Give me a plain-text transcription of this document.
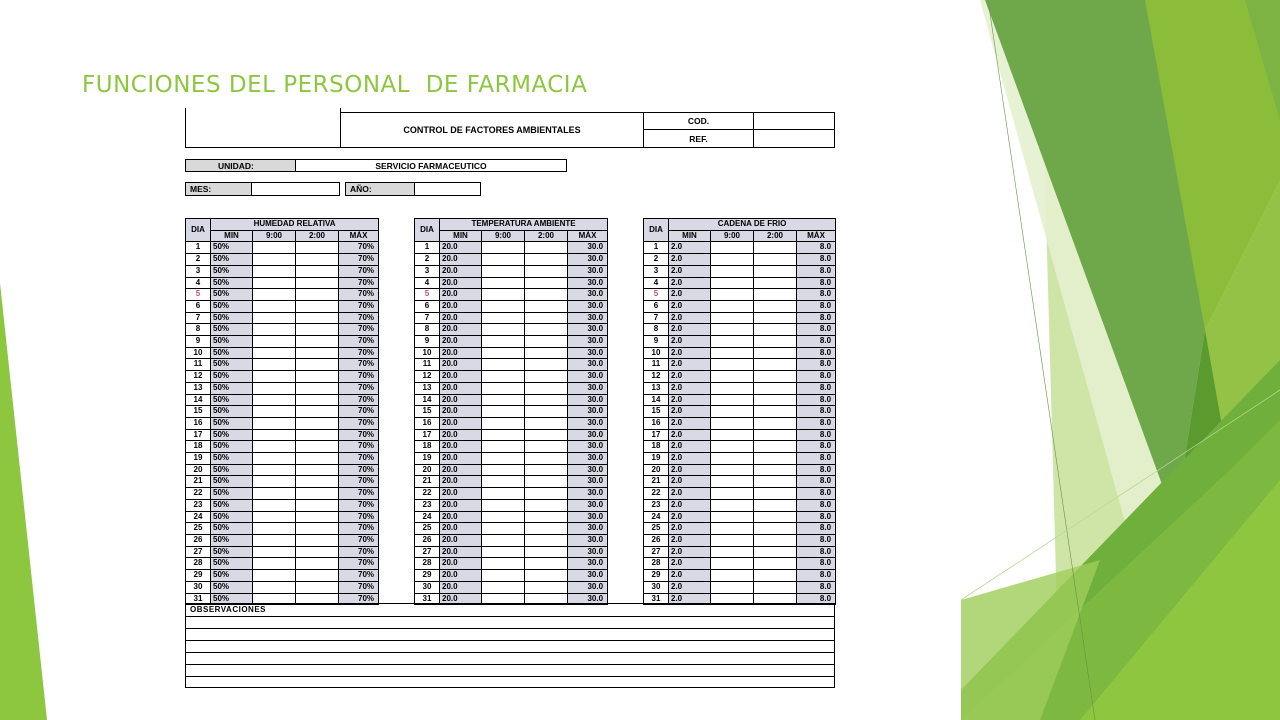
FUNCIONES DEL PERSONAL  DE FARMACIA
CONTROL DE FACTORES AMBIENTALES
COD.
REF.
UNIDAD:	SERVICIO FARMACEUTICO
MES:	AÑO:
DIA	HUMEDAD RELATIVA			
	MIN	9:00	2:00	MÁX
1	50%			70%
2	50%			70%
3	50%			70%
4	50%			70%
5	50%			70%
6	50%			70%
7	50%			70%
8	50%			70%
9	50%			70%
10	50%			70%
11	50%			70%
12	50%			70%
13	50%			70%
14	50%			70%
15	50%			70%
16	50%			70%
17	50%			70%
18	50%			70%
19	50%			70%
20	50%			70%
21	50%			70%
22	50%			70%
23	50%			70%
24	50%			70%
25	50%			70%
26	50%			70%
27	50%			70%
28	50%			70%
29	50%			70%
30	50%			70%
31	50%			70%
DIA	TEMPERATURA AMBIENTE			
	MIN	9:00	2:00	MÁX
1	20.0			30.0
2	20.0			30.0
3	20.0			30.0
4	20.0			30.0
5	20.0			30.0
6	20.0			30.0
7	20.0			30.0
8	20.0			30.0
9	20.0			30.0
10	20.0			30.0
11	20.0			30.0
12	20.0			30.0
13	20.0			30.0
14	20.0			30.0
15	20.0			30.0
16	20.0			30.0
17	20.0			30.0
18	20.0			30.0
19	20.0			30.0
20	20.0			30.0
21	20.0			30.0
22	20.0			30.0
23	20.0			30.0
24	20.0			30.0
25	20.0			30.0
26	20.0			30.0
27	20.0			30.0
28	20.0			30.0
29	20.0			30.0
30	20.0			30.0
31	20.0			30.0
DIA	CADENA DE FRIO			
	MIN	9:00	2:00	MÁX
1	2.0			8.0
2	2.0			8.0
3	2.0			8.0
4	2.0			8.0
5	2.0			8.0
6	2.0			8.0
7	2.0			8.0
8	2.0			8.0
9	2.0			8.0
10	2.0			8.0
11	2.0			8.0
12	2.0			8.0
13	2.0			8.0
14	2.0			8.0
15	2.0			8.0
16	2.0			8.0
17	2.0			8.0
18	2.0			8.0
19	2.0			8.0
20	2.0			8.0
21	2.0			8.0
22	2.0			8.0
23	2.0			8.0
24	2.0			8.0
25	2.0			8.0
26	2.0			8.0
27	2.0			8.0
28	2.0			8.0
29	2.0			8.0
30	2.0			8.0
31	2.0			8.0
OBSERVACIONES
